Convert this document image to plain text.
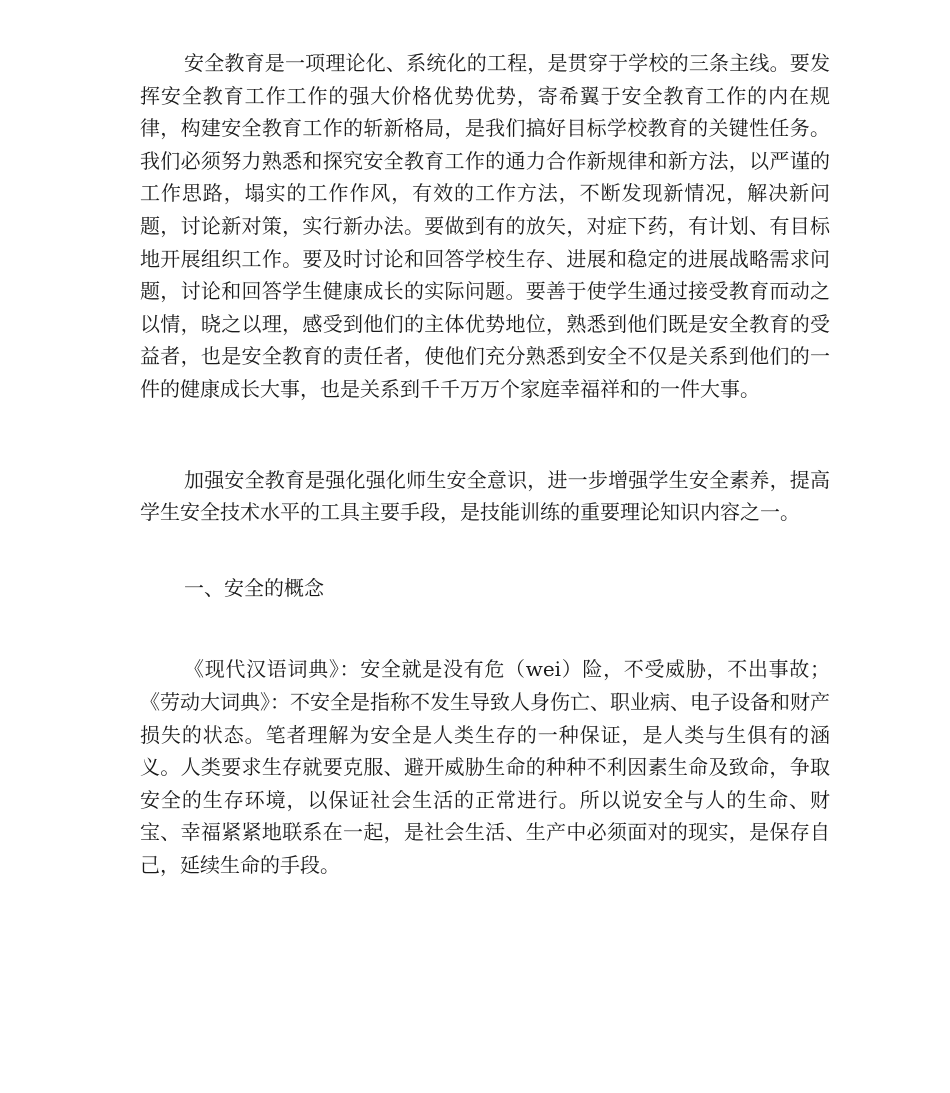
安全教育是一项理论化、系统化的工程，是贯穿于学校的三条主线。要发挥安全教育工作工作的强大价格优势优势，寄希翼于安全教育工作的内在规律，构建安全教育工作的斩新格局，是我们搞好目标学校教育的关键性任务。我们必须努力熟悉和探究安全教育工作的通力合作新规律和新方法，以严谨的工作思路，塌实的工作作风，有效的工作方法，不断发现新情况，解决新问题，讨论新对策，实行新办法。要做到有的放矢，对症下药，有计划、有目标地开展组织工作。要及时讨论和回答学校生存、进展和稳定的进展战略需求问题，讨论和回答学生健康成长的实际问题。要善于使学生通过接受教育而动之以情，晓之以理，感受到他们的主体优势地位，熟悉到他们既是安全教育的受益者，也是安全教育的责任者，使他们充分熟悉到安全不仅是关系到他们的一件的健康成长大事，也是关系到千千万万个家庭幸福祥和的一件大事。

加强安全教育是强化强化师生安全意识，进一步增强学生安全素养，提高学生安全技术水平的工具主要手段，是技能训练的重要理论知识内容之一。

一、安全的概念

《现代汉语词典》：安全就是没有危（wei）险，不受威胁，不出事故；《劳动大词典》：不安全是指称不发生导致人身伤亡、职业病、电子设备和财产损失的状态。笔者理解为安全是人类生存的一种保证，是人类与生俱有的涵义。人类要求生存就要克服、避开威胁生命的种种不利因素生命及致命，争取安全的生存环境，以保证社会生活的正常进行。所以说安全与人的生命、财宝、幸福紧紧地联系在一起，是社会生活、生产中必须面对的现实，是保存自己，延续生命的手段。
